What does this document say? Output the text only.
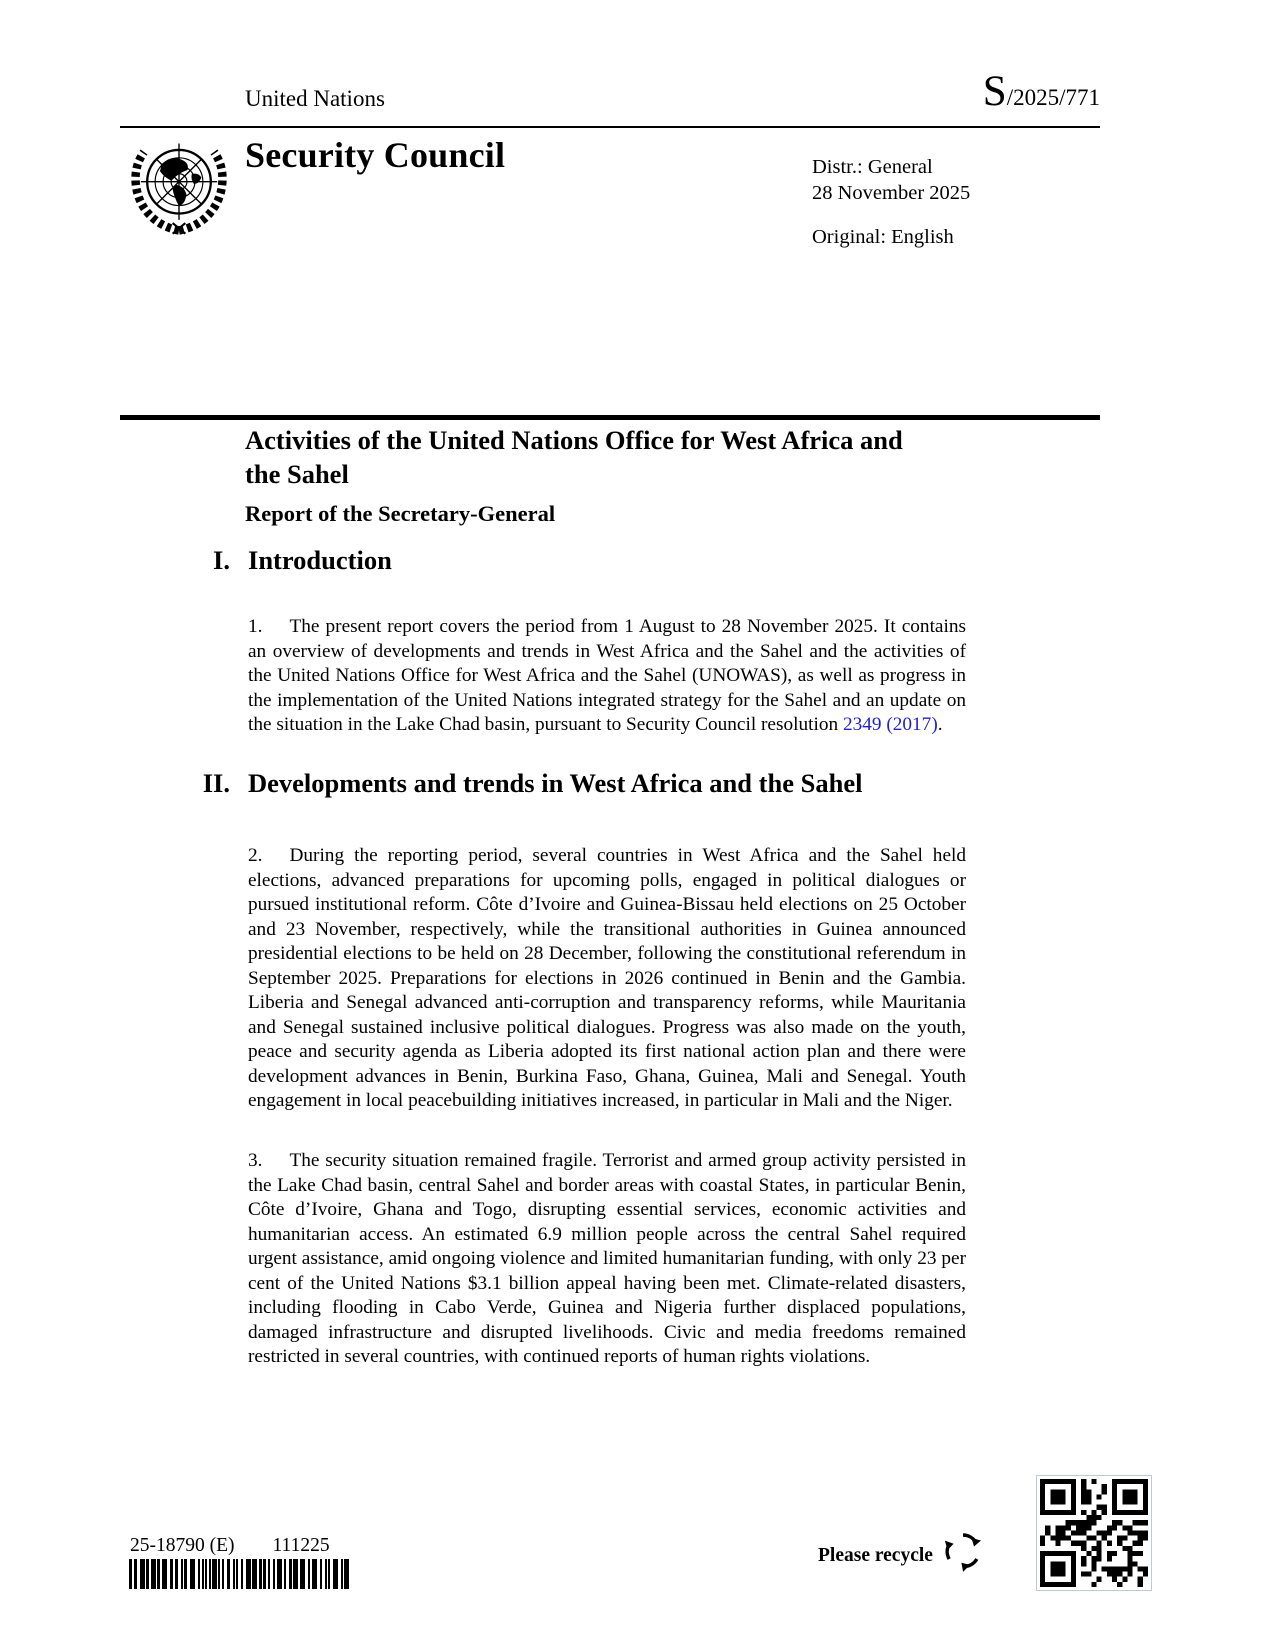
United Nations	S/2025/771
Security Council	Distr.: General
28 November 2025
Original: English
Activities of the United Nations Office for West Africa and
the Sahel
Report of the Secretary-General
I. Introduction

1. The present report covers the period from 1 August to 28 November 2025. It contains an overview of developments and trends in West Africa and the Sahel and the activities of the United Nations Office for West Africa and the Sahel (UNOWAS), as well as progress in the implementation of the United Nations integrated strategy for the Sahel and an update on the situation in the Lake Chad basin, pursuant to Security Council resolution 2349 (2017).

II. Developments and trends in West Africa and the Sahel

2. During the reporting period, several countries in West Africa and the Sahel held elections, advanced preparations for upcoming polls, engaged in political dialogues or pursued institutional reform. Côte d’Ivoire and Guinea-Bissau held elections on 25 October and 23 November, respectively, while the transitional authorities in Guinea announced presidential elections to be held on 28 December, following the constitutional referendum in September 2025. Preparations for elections in 2026 continued in Benin and the Gambia. Liberia and Senegal advanced anti-corruption and transparency reforms, while Mauritania and Senegal sustained inclusive political dialogues. Progress was also made on the youth, peace and security agenda as Liberia adopted its first national action plan and there were development advances in Benin, Burkina Faso, Ghana, Guinea, Mali and Senegal. Youth engagement in local peacebuilding initiatives increased, in particular in Mali and the Niger.

3. The security situation remained fragile. Terrorist and armed group activity persisted in the Lake Chad basin, central Sahel and border areas with coastal States, in particular Benin, Côte d’Ivoire, Ghana and Togo, disrupting essential services, economic activities and humanitarian access. An estimated 6.9 million people across the central Sahel required urgent assistance, amid ongoing violence and limited humanitarian funding, with only 23 per cent of the United Nations $3.1 billion appeal having been met. Climate-related disasters, including flooding in Cabo Verde, Guinea and Nigeria further displaced populations, damaged infrastructure and disrupted livelihoods. Civic and media freedoms remained restricted in several countries, with continued reports of human rights violations.

25-18790 (E) 111225	Please recycle
